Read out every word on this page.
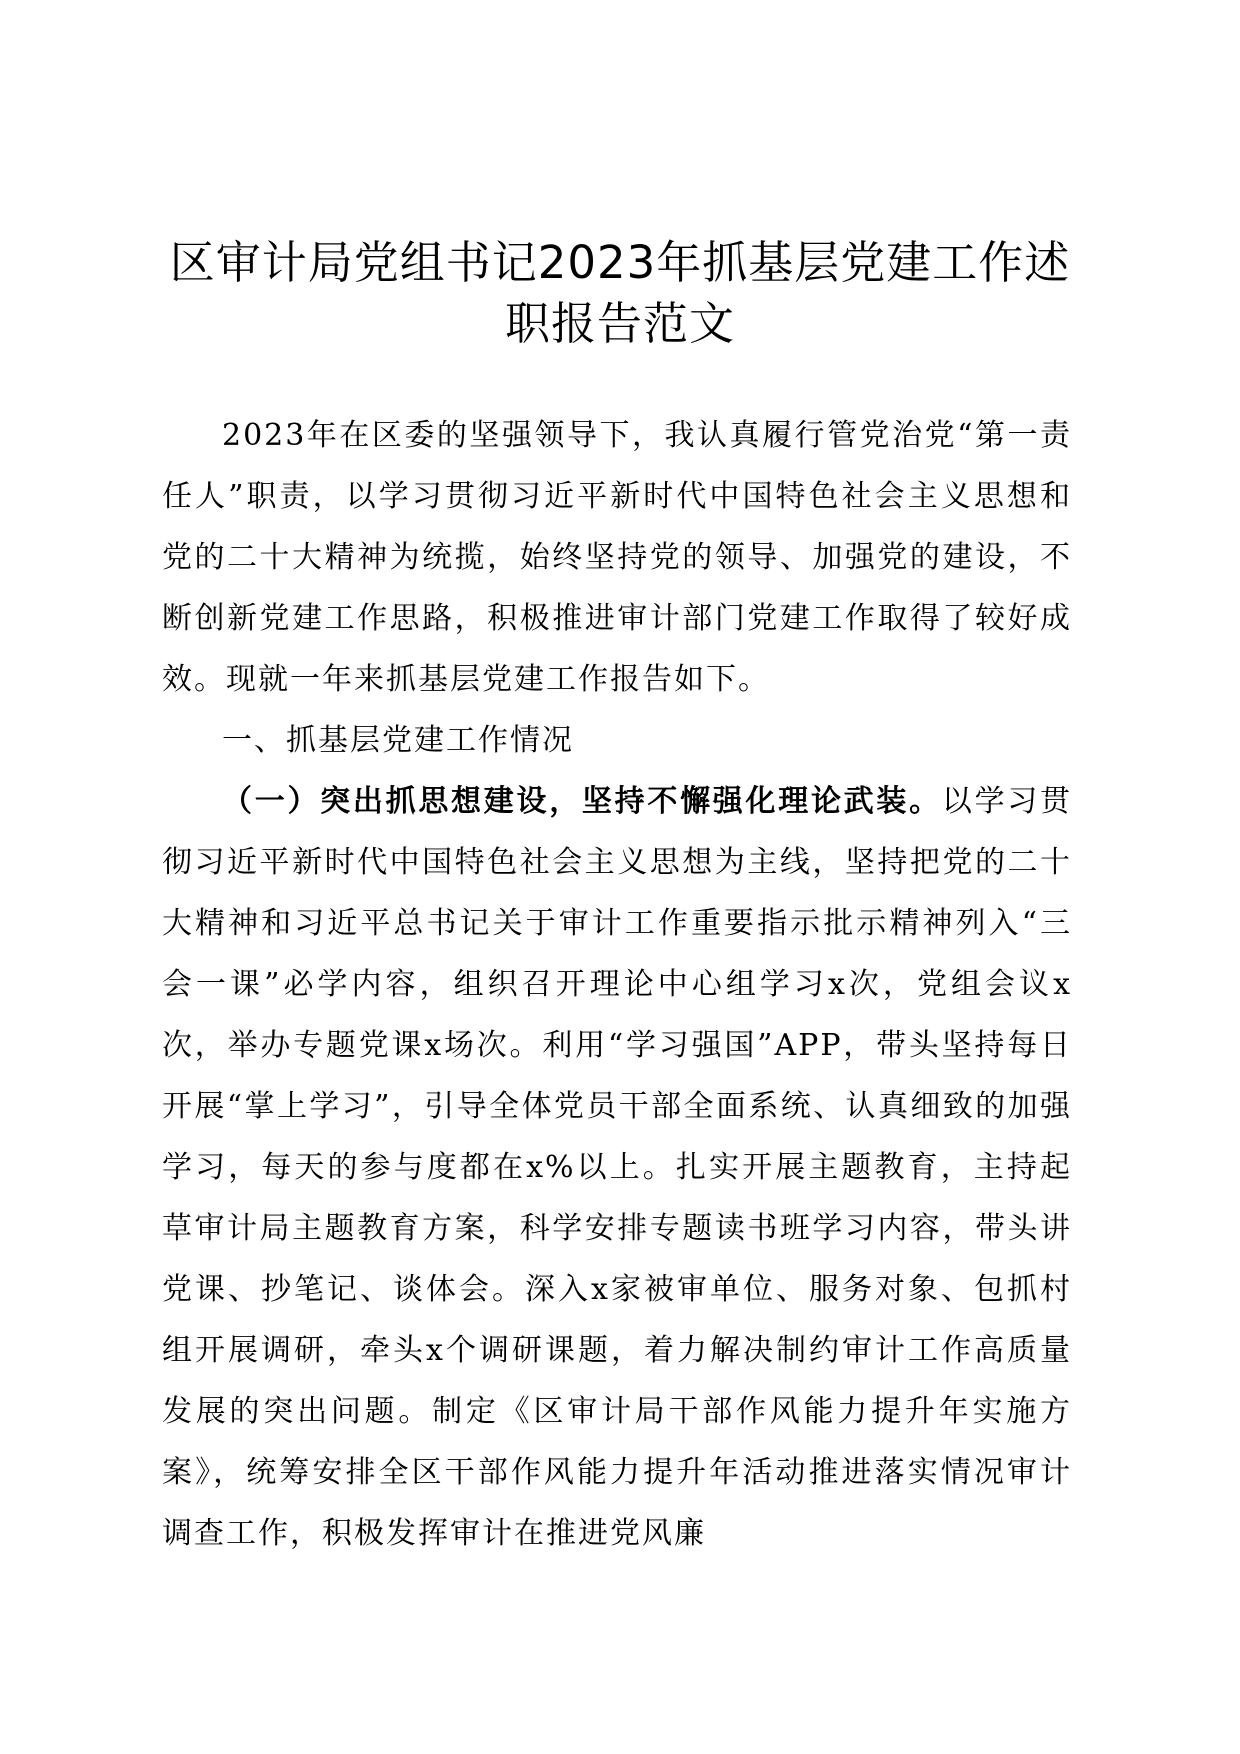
区审计局党组书记2023年抓基层党建工作述
职报告范文

2023年在区委的坚强领导下，我认真履行管党治党“第一责任人”职责，以学习贯彻习近平新时代中国特色社会主义思想和党的二十大精神为统揽，始终坚持党的领导、加强党的建设，不断创新党建工作思路，积极推进审计部门党建工作取得了较好成效。现就一年来抓基层党建工作报告如下。

一、抓基层党建工作情况

（一）突出抓思想建设，坚持不懈强化理论武装。以学习贯彻习近平新时代中国特色社会主义思想为主线，坚持把党的二十大精神和习近平总书记关于审计工作重要指示批示精神列入“三会一课”必学内容，组织召开理论中心组学习x次，党组会议x次，举办专题党课x场次。利用“学习强国”APP，带头坚持每日开展“掌上学习”，引导全体党员干部全面系统、认真细致的加强学习，每天的参与度都在x%以上。扎实开展主题教育，主持起草审计局主题教育方案，科学安排专题读书班学习内容，带头讲党课、抄笔记、谈体会。深入x家被审单位、服务对象、包抓村组开展调研，牵头x个调研课题，着力解决制约审计工作高质量发展的突出问题。制定《区审计局干部作风能力提升年实施方案》，统筹安排全区干部作风能力提升年活动推进落实情况审计调查工作，积极发挥审计在推进党风廉
